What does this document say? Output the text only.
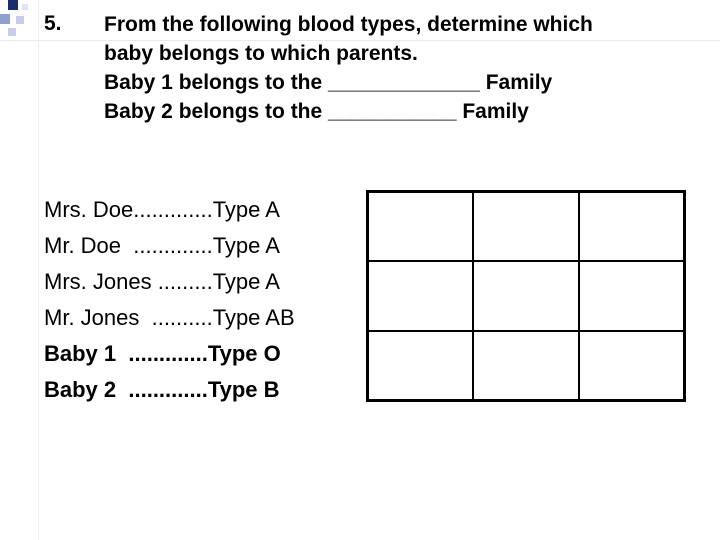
5. From the following blood types, determine which
baby belongs to which parents.
Baby 1 belongs to the _____________ Family
Baby 2 belongs to the ___________ Family
Mrs. Doe.............Type A
Mr. Doe  .............Type A
Mrs. Jones .........Type A
Mr. Jones  ..........Type AB
Baby 1  .............Type O
Baby 2  .............Type B
